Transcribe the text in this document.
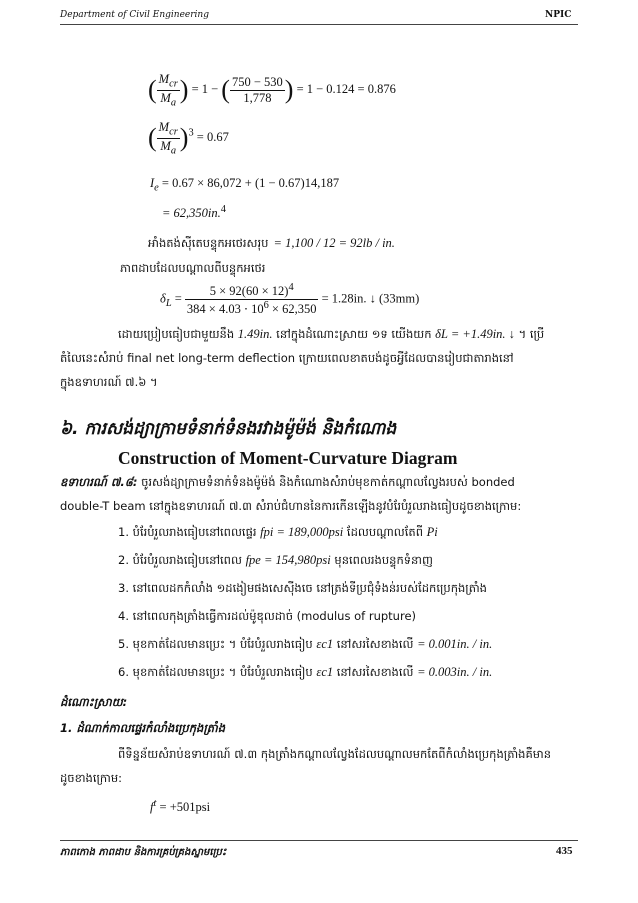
Department of Civil Engineering	NPIC
( $\frac{M_{cr}}{M_a}$ ) = 1 − ( $\frac{750 - 530}{1,778}$ ) = 1 − 0.124 = 0.876
( $\frac{M_{cr}}{M_a} )^3 = 0.67$
$I_e = 0.67 \times 86,072 + (1 - 0.67)14,187$
= 62,350in.$^4$
អាំងតង់ស៊ីតេបន្ទុកអថេរសរុប = 1,100 / 12 = 92lb / in.
ភាពដាបដែលបណ្តាលពីបន្ទុកអថេរ
$\delta_L = \frac{5 \times 92(60 \times 12)^4}{384 \times 4.03 \cdot 10^6 \times 62,350} = 1.28in$. ↓ (33mm)
ដោយប្រៀបធៀបជាមួយនឹង 1.49in. នៅក្នុងដំណោះស្រាយ ១ទ យើងយក δL = +1.49in. ↓ ។ ប្រើ
តំលៃនេះសំរាប់ final net long-term deflection ក្រោយពេលខាតបង់ដូចអ្វីដែលបានរៀបជាតារាងនៅ
ក្នុងឧទាហរណ៍ ៧.៦ ។
៦. ការសង់ដ្យាក្រាមទំនាក់ទំនងរវាងម៉ូម៉ង់ និងកំណោង
Construction of Moment-Curvature Diagram
ឧទាហរណ៍ ៧.៨: ចូរសង់ដ្យាក្រាមទំនាក់ទំនងម៉ូម៉ង់ និងកំណោងសំរាប់មុខកាត់កណ្តាលល្វែងរបស់ bonded
double-T beam នៅក្នុងឧទាហរណ៍ ៧.៣ សំរាប់ជំហាននៃការកើនឡើងនូវបំរែបំរួលរាងធៀបដូចខាងក្រោម:
1. បំរែបំរួលរាងធៀបនៅពេលផ្ទេរ fpi = 189,000psi ដែលបណ្តាលតែពី Pi
2. បំរែបំរួលរាងធៀបនៅពេល fpe = 154,980psi មុនពេលរងបន្ទុកទំនាញ
3. នៅពេលដកកំលាំង ១ដងៀមផងសេស៊ីងចេ នៅត្រង់ទីប្រជុំទំងន់របស់ដែកប្រេកុងត្រាំង
4. នៅពេលកុងត្រាំងធ្វើការដល់ម៉ូឌុលដាច់ (modulus of rupture)
5. មុខកាត់ដែលមានប្រេះ ។ បំរែបំរួលរាងធៀប εc1 នៅសរសៃខាងលើ = 0.001in. / in.
6. មុខកាត់ដែលមានប្រេះ ។ បំរែបំរួលរាងធៀប εc1 នៅសរសៃខាងលើ = 0.003in. / in.
ដំណោះស្រាយ:
1. ដំណាក់កាលផ្ទេរកំលាំងប្រេកុងត្រាំង
ពីទិន្នន័យសំរាប់ឧទាហរណ៍ ៧.៣ កុងត្រាំងកណ្តាលល្វែងដែលបណ្តាលមកតែពីកំលាំងប្រេកុងត្រាំងគឺមាន
ដូចខាងក្រោម:
$f^t = +501psi$
ភាពកោង ភាពដាប និងការគ្រប់គ្រងស្នាមប្រេះ	435
